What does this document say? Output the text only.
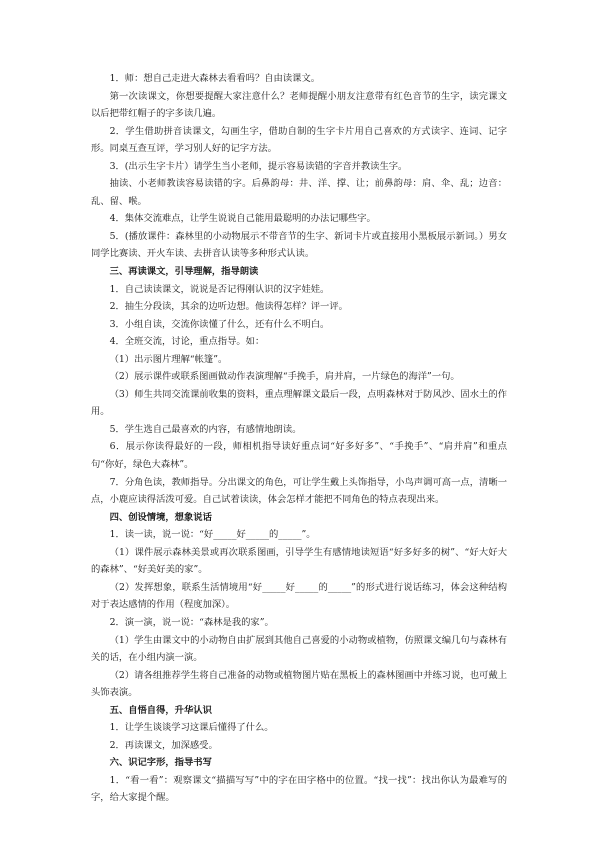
1．师：想自己走进大森林去看看吗？自由读课文。

第一次读课文，你想要提醒大家注意什么？老师提醒小朋友注意带有红色音节的生字，读完课文以后把带红帽子的字多读几遍。

2．学生借助拼音读课文，勾画生字，借助自制的生字卡片用自己喜欢的方式读字、连词、记字形。同桌互查互评，学习别人好的记字方法。

3．(出示生字卡片）请学生当小老师，提示容易读错的字音并教读生字。

抽读、小老师教读容易读错的字。后鼻韵母：井、洋、撑、让；前鼻韵母：肩、伞、乱；边音：乱、留、喉。

4．集体交流难点，让学生说说自己能用最聪明的办法记哪些字。

5．(播放课件：森林里的小动物展示不带音节的生字、新词卡片或直接用小黑板展示新词。）男女同学比赛读、开火车读、去拼音认读等多种形式认读。

三、再读课文，引导理解，指导朗读

1．自己读读课文，说说是否记得刚认识的汉字娃娃。

2．抽生分段读，其余的边听边想。他读得怎样？评一评。

3．小组自读，交流你读懂了什么，还有什么不明白。

4．全班交流，讨论，重点指导。如：

（1）出示图片理解“帐篷”。

（2）展示课件或联系图画做动作表演理解“手挽手，肩并肩，一片绿色的海洋”一句。

（3）师生共同交流课前收集的资料，重点理解课文最后一段，点明森林对于防风沙、固水土的作用。

5．学生选自己最喜欢的内容，有感情地朗读。

6．展示你读得最好的一段，师相机指导读好重点词“好多好多”、“手挽手”、“肩并肩”和重点句“你好，绿色大森林”。

7．分角色读，教师指导。分出课文的角色，可让学生戴上头饰指导，小鸟声调可高一点，清晰一点，小鹿应读得活泼可爱。自己试着读读，体会怎样才能把不同角色的特点表现出来。

四、创设情境，想象说话

1．读一读，说一说：“好_____好_____的_____”。

（1）课件展示森林美景或再次联系图画，引导学生有感情地读短语“好多好多的树”、“好大好大的森林”、“好美好美的家”。

（2）发挥想象，联系生活情境用“好_____好_____的_____”的形式进行说话练习，体会这种结构对于表达感情的作用（程度加深）。

2．演一演，说一说：“森林是我的家”。

（1）学生由课文中的小动物自由扩展到其他自己喜爱的小动物或植物，仿照课文编几句与森林有关的话，在小组内演一演。

（2）请各组推荐学生将自己准备的动物或植物图片贴在黑板上的森林图画中并练习说，也可戴上头饰表演。

五、自悟自得，升华认识

1．让学生谈谈学习这课后懂得了什么。

2．再读课文，加深感受。

六、识记字形，指导书写

1．“看一看”：观察课文“描描写写”中的字在田字格中的位置。“找一找”：找出你认为最难写的字，给大家提个醒。
